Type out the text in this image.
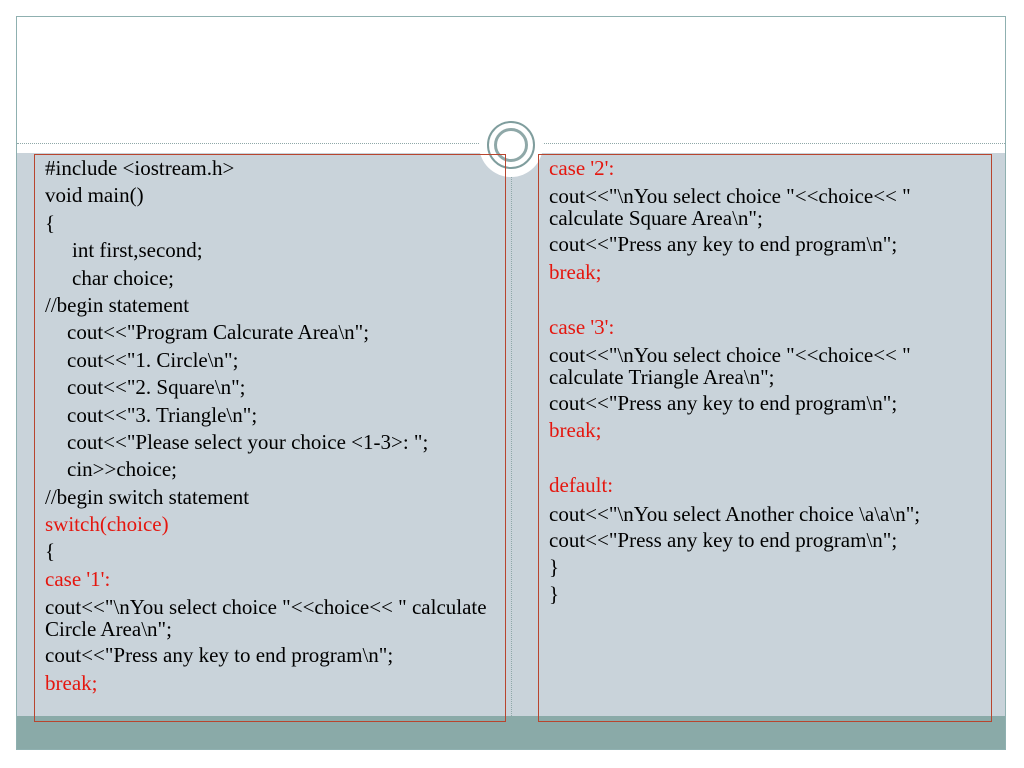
#include <iostream.h>
void main()
{
int first,second;
char choice;
//begin statement
cout<<"Program Calcurate Area\n";
cout<<"1. Circle\n";
cout<<"2. Square\n";
cout<<"3. Triangle\n";
cout<<"Please select your choice <1-3>: ";
cin>>choice;
//begin switch statement
switch(choice)
{
case '1':
cout<<"\nYou select choice "<<choice<< " calculate Circle Area\n";
cout<<"Press any key to end program\n";
break;
case '2':
cout<<"\nYou select choice "<<choice<< " calculate Square Area\n";
cout<<"Press any key to end program\n";
break;
case '3':
cout<<"\nYou select choice "<<choice<< " calculate Triangle Area\n";
cout<<"Press any key to end program\n";
break;
default:
cout<<"\nYou select Another choice \a\a\n";
cout<<"Press any key to end program\n";
}
}
